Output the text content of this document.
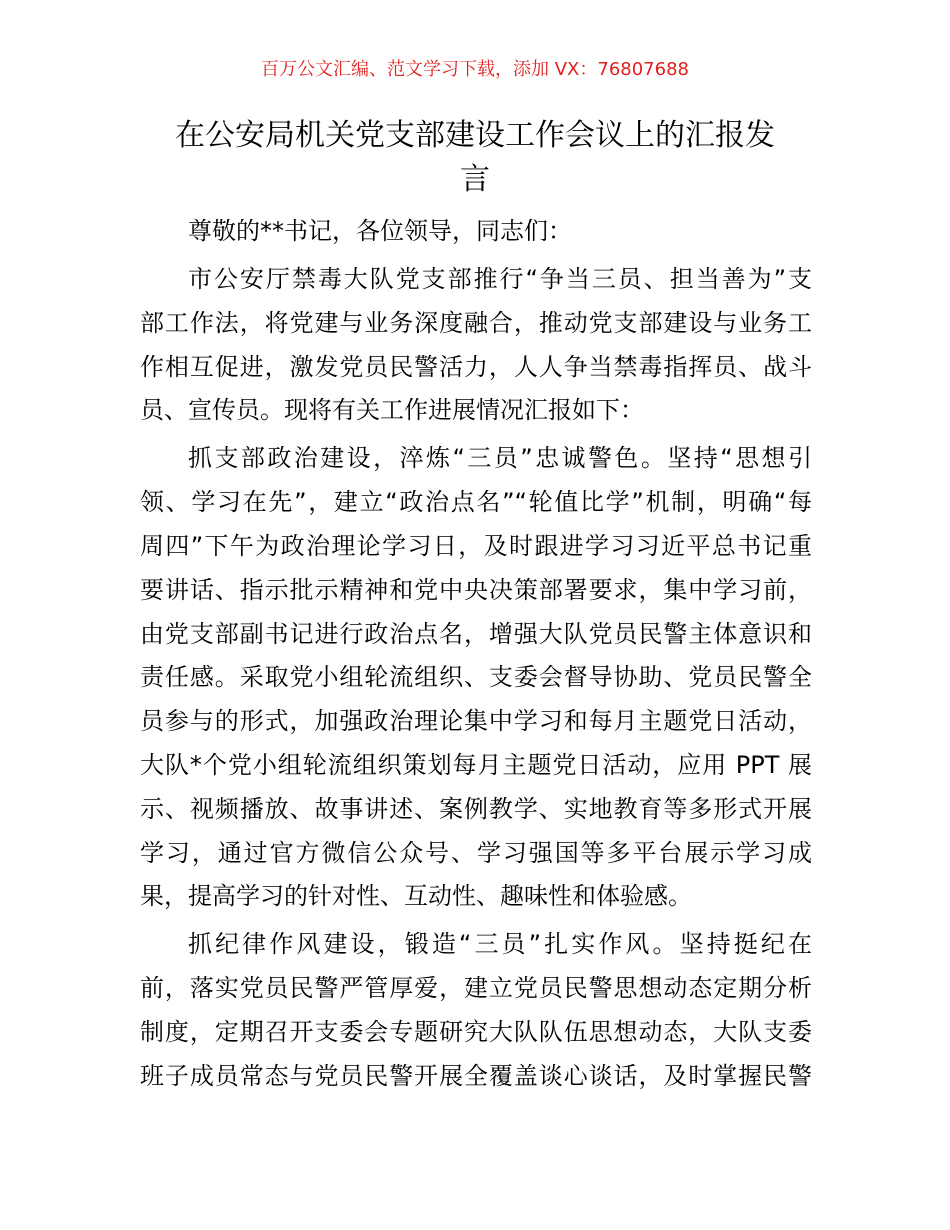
百万公文汇编、范文学习下载，添加 VX：76807688
在公安局机关党支部建设工作会议上的汇报发
言
尊敬的**书记，各位领导，同志们：
市公安厅禁毒大队党支部推行“争当三员、担当善为”支
部工作法，将党建与业务深度融合，推动党支部建设与业务工
作相互促进，激发党员民警活力，人人争当禁毒指挥员、战斗
员、宣传员。现将有关工作进展情况汇报如下：
抓支部政治建设，淬炼“三员”忠诚警色。坚持“思想引
领、学习在先”，建立“政治点名”“轮值比学”机制，明确“每
周四”下午为政治理论学习日，及时跟进学习习近平总书记重
要讲话、指示批示精神和党中央决策部署要求，集中学习前，
由党支部副书记进行政治点名，增强大队党员民警主体意识和
责任感。采取党小组轮流组织、支委会督导协助、党员民警全
员参与的形式，加强政治理论集中学习和每月主题党日活动，
大队*个党小组轮流组织策划每月主题党日活动，应用 PPT 展
示、视频播放、故事讲述、案例教学、实地教育等多形式开展
学习，通过官方微信公众号、学习强国等多平台展示学习成
果，提高学习的针对性、互动性、趣味性和体验感。
抓纪律作风建设，锻造“三员”扎实作风。坚持挺纪在
前，落实党员民警严管厚爱，建立党员民警思想动态定期分析
制度，定期召开支委会专题研究大队队伍思想动态，大队支委
班子成员常态与党员民警开展全覆盖谈心谈话，及时掌握民警
